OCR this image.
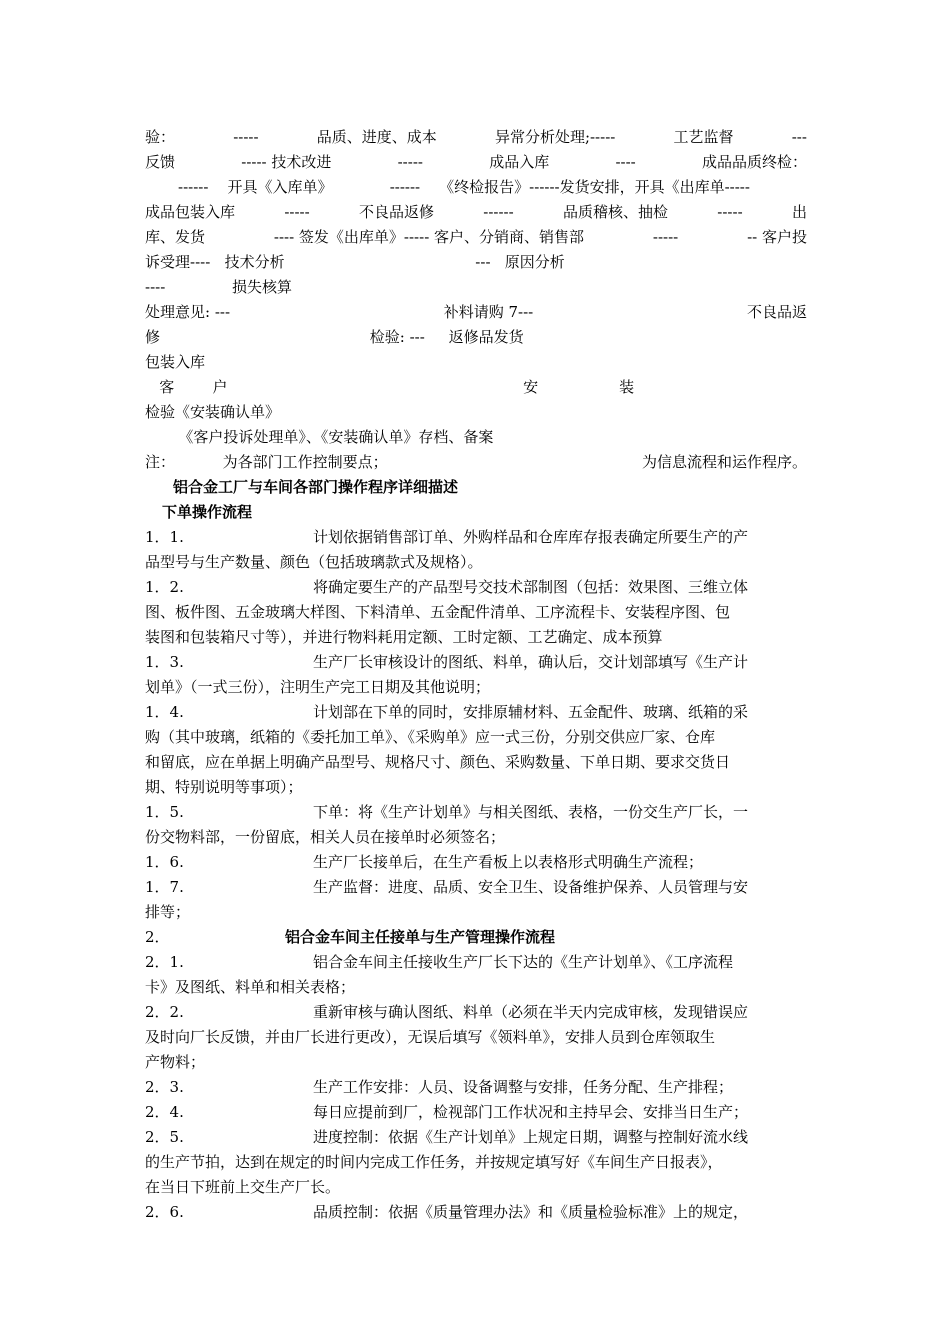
验：	-----	品质、进度、成本	异常分析处理;-----	工艺监督	---
反馈	----- 技术改进	-----	成品入库	----	成品品质终检：
------    开具《入库单》            ------    《终检报告》------发货安排，开具《出库单-----
成品包装入库	-----	不良品返修	------	品质稽核、抽检	-----	出
库、发货	---- 签发《出库单》----- 客户、分销商、销售部	-----	-- 客户投
诉受理----   技术分析                                        ---   原因分析
----              损失核算
处理意见: ---	补料请购 7---	不良品返
修                                            检验: ---     返修品发货
包装入库
客        户                                                              安                 装
检验《安装确认单》
《客户投诉处理单》、《安装确认单》存档、备案
注：          为各部门工作控制要点；	为信息流程和运作程序。
铝合金工厂与车间各部门操作程序详细描述
下单操作流程
1．1.	计划依据销售部订单、外购样品和仓库库存报表确定所要生产的产
品型号与生产数量、颜色（包括玻璃款式及规格）。
1．2.	将确定要生产的产品型号交技术部制图（包括：效果图、三维立体
图、板件图、五金玻璃大样图、下料清单、五金配件清单、工序流程卡、安装程序图、包
装图和包装箱尺寸等），并进行物料耗用定额、工时定额、工艺确定、成本预算
1．3.	生产厂长审核设计的图纸、料单，确认后，交计划部填写《生产计
划单》（一式三份），注明生产完工日期及其他说明；
1．4.	计划部在下单的同时，安排原辅材料、五金配件、玻璃、纸箱的采
购（其中玻璃，纸箱的《委托加工单》、《采购单》应一式三份，分别交供应厂家、仓库
和留底，应在单据上明确产品型号、规格尺寸、颜色、采购数量、下单日期、要求交货日
期、特别说明等事项）；
1．5.	下单：将《生产计划单》与相关图纸、表格，一份交生产厂长，一
份交物料部，一份留底，相关人员在接单时必须签名；
1．6.	生产厂长接单后，在生产看板上以表格形式明确生产流程；
1．7.	生产监督：进度、品质、安全卫生、设备维护保养、人员管理与安
排等；
2．	铝合金车间主任接单与生产管理操作流程
2．1.	铝合金车间主任接收生产厂长下达的《生产计划单》、《工序流程
卡》及图纸、料单和相关表格；
2．2.	重新审核与确认图纸、料单（必须在半天内完成审核，发现错误应
及时向厂长反馈，并由厂长进行更改），无误后填写《领料单》，安排人员到仓库领取生
产物料；
2．3.	生产工作安排：人员、设备调整与安排，任务分配、生产排程；
2．4.	每日应提前到厂，检视部门工作状况和主持早会、安排当日生产；
2．5.	进度控制：依据《生产计划单》上规定日期，调整与控制好流水线
的生产节拍，达到在规定的时间内完成工作任务，并按规定填写好《车间生产日报表》，
在当日下班前上交生产厂长。
2．6.	品质控制：依据《质量管理办法》和《质量检验标准》上的规定，
